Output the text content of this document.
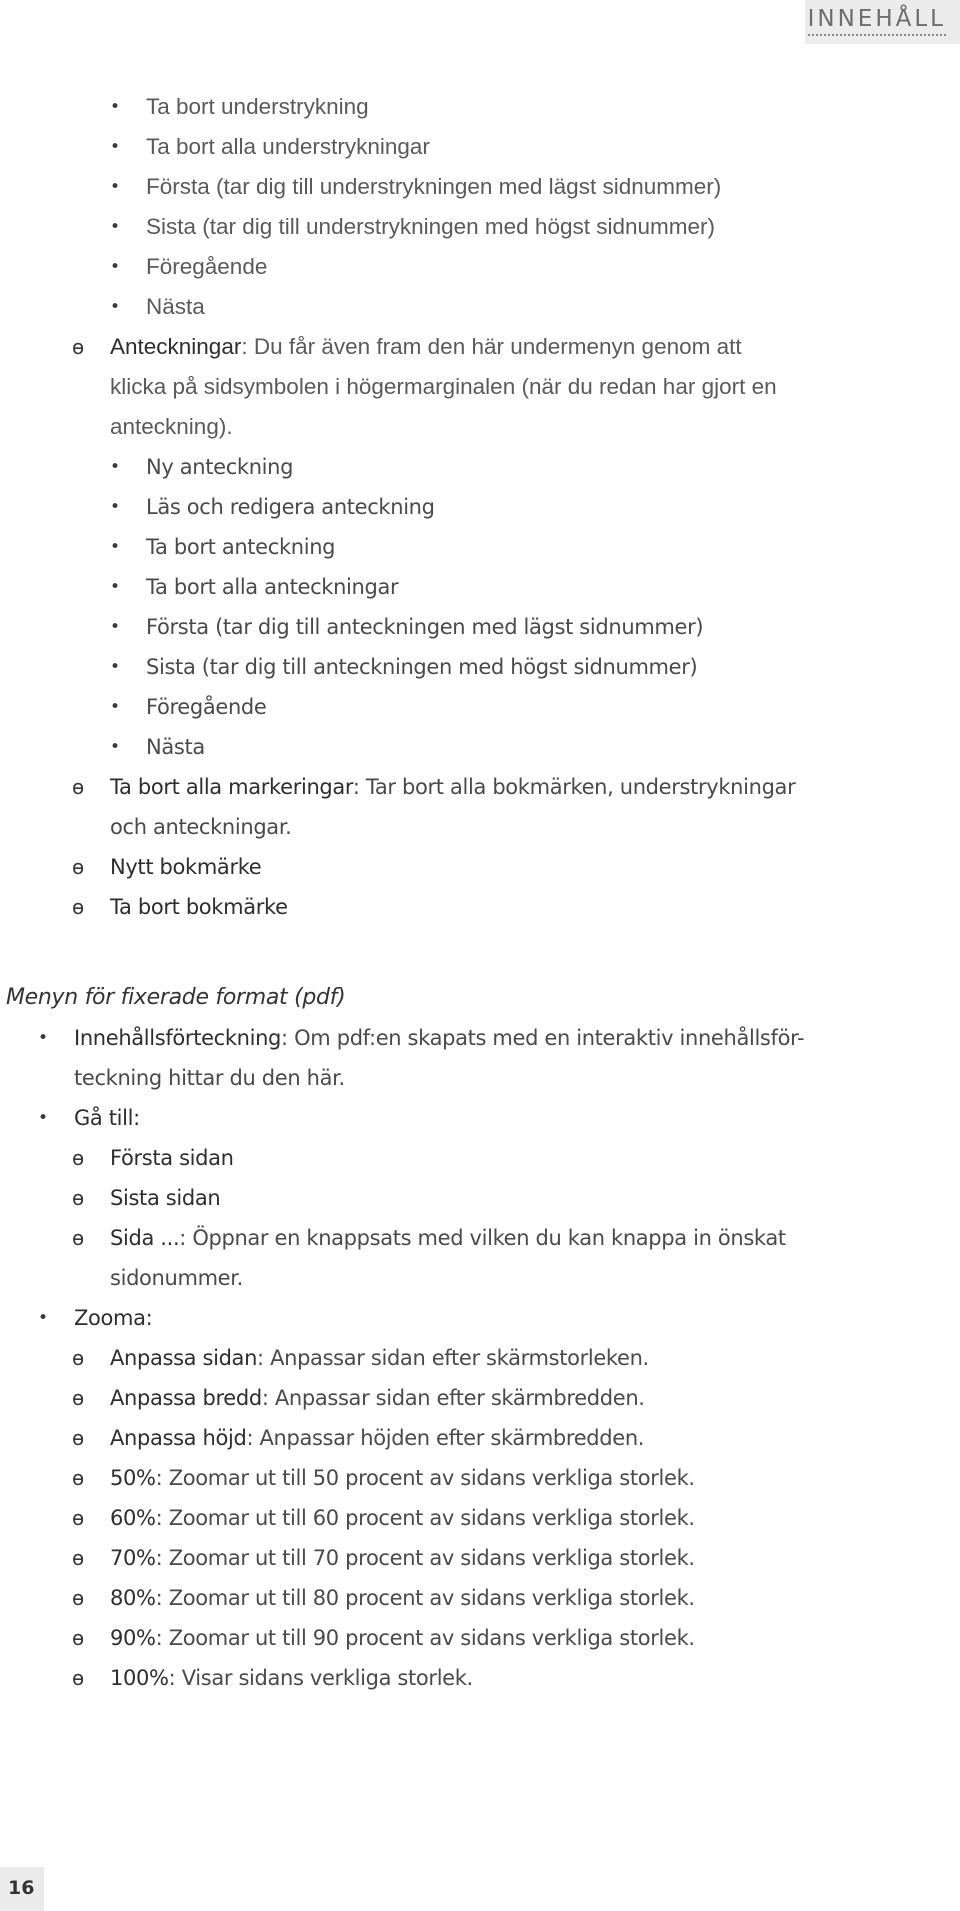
INNEHÅLL
• Ta bort understrykning
• Ta bort alla understrykningar
• Första (tar dig till understrykningen med lägst sidnummer)
• Sista (tar dig till understrykningen med högst sidnummer)
• Föregående
• Nästa
ɵ Anteckningar: Du får även fram den här undermenyn genom att
klicka på sidsymbolen i högermarginalen (när du redan har gjort en
anteckning).
• Ny anteckning
• Läs och redigera anteckning
• Ta bort anteckning
• Ta bort alla anteckningar
• Första (tar dig till anteckningen med lägst sidnummer)
• Sista (tar dig till anteckningen med högst sidnummer)
• Föregående
• Nästa
ɵ Ta bort alla markeringar: Tar bort alla bokmärken, understrykningar
och anteckningar.
ɵ Nytt bokmärke
ɵ Ta bort bokmärke
Menyn för fixerade format (pdf)
• Innehållsförteckning: Om pdf:en skapats med en interaktiv innehållsför-
teckning hittar du den här.
• Gå till:
ɵ Första sidan
ɵ Sista sidan
ɵ Sida ...: Öppnar en knappsats med vilken du kan knappa in önskat
sidonummer.
• Zooma:
ɵ Anpassa sidan: Anpassar sidan efter skärmstorleken.
ɵ Anpassa bredd: Anpassar sidan efter skärmbredden.
ɵ Anpassa höjd: Anpassar höjden efter skärmbredden.
ɵ 50%: Zoomar ut till 50 procent av sidans verkliga storlek.
ɵ 60%: Zoomar ut till 60 procent av sidans verkliga storlek.
ɵ 70%: Zoomar ut till 70 procent av sidans verkliga storlek.
ɵ 80%: Zoomar ut till 80 procent av sidans verkliga storlek.
ɵ 90%: Zoomar ut till 90 procent av sidans verkliga storlek.
ɵ 100%: Visar sidans verkliga storlek.
16
